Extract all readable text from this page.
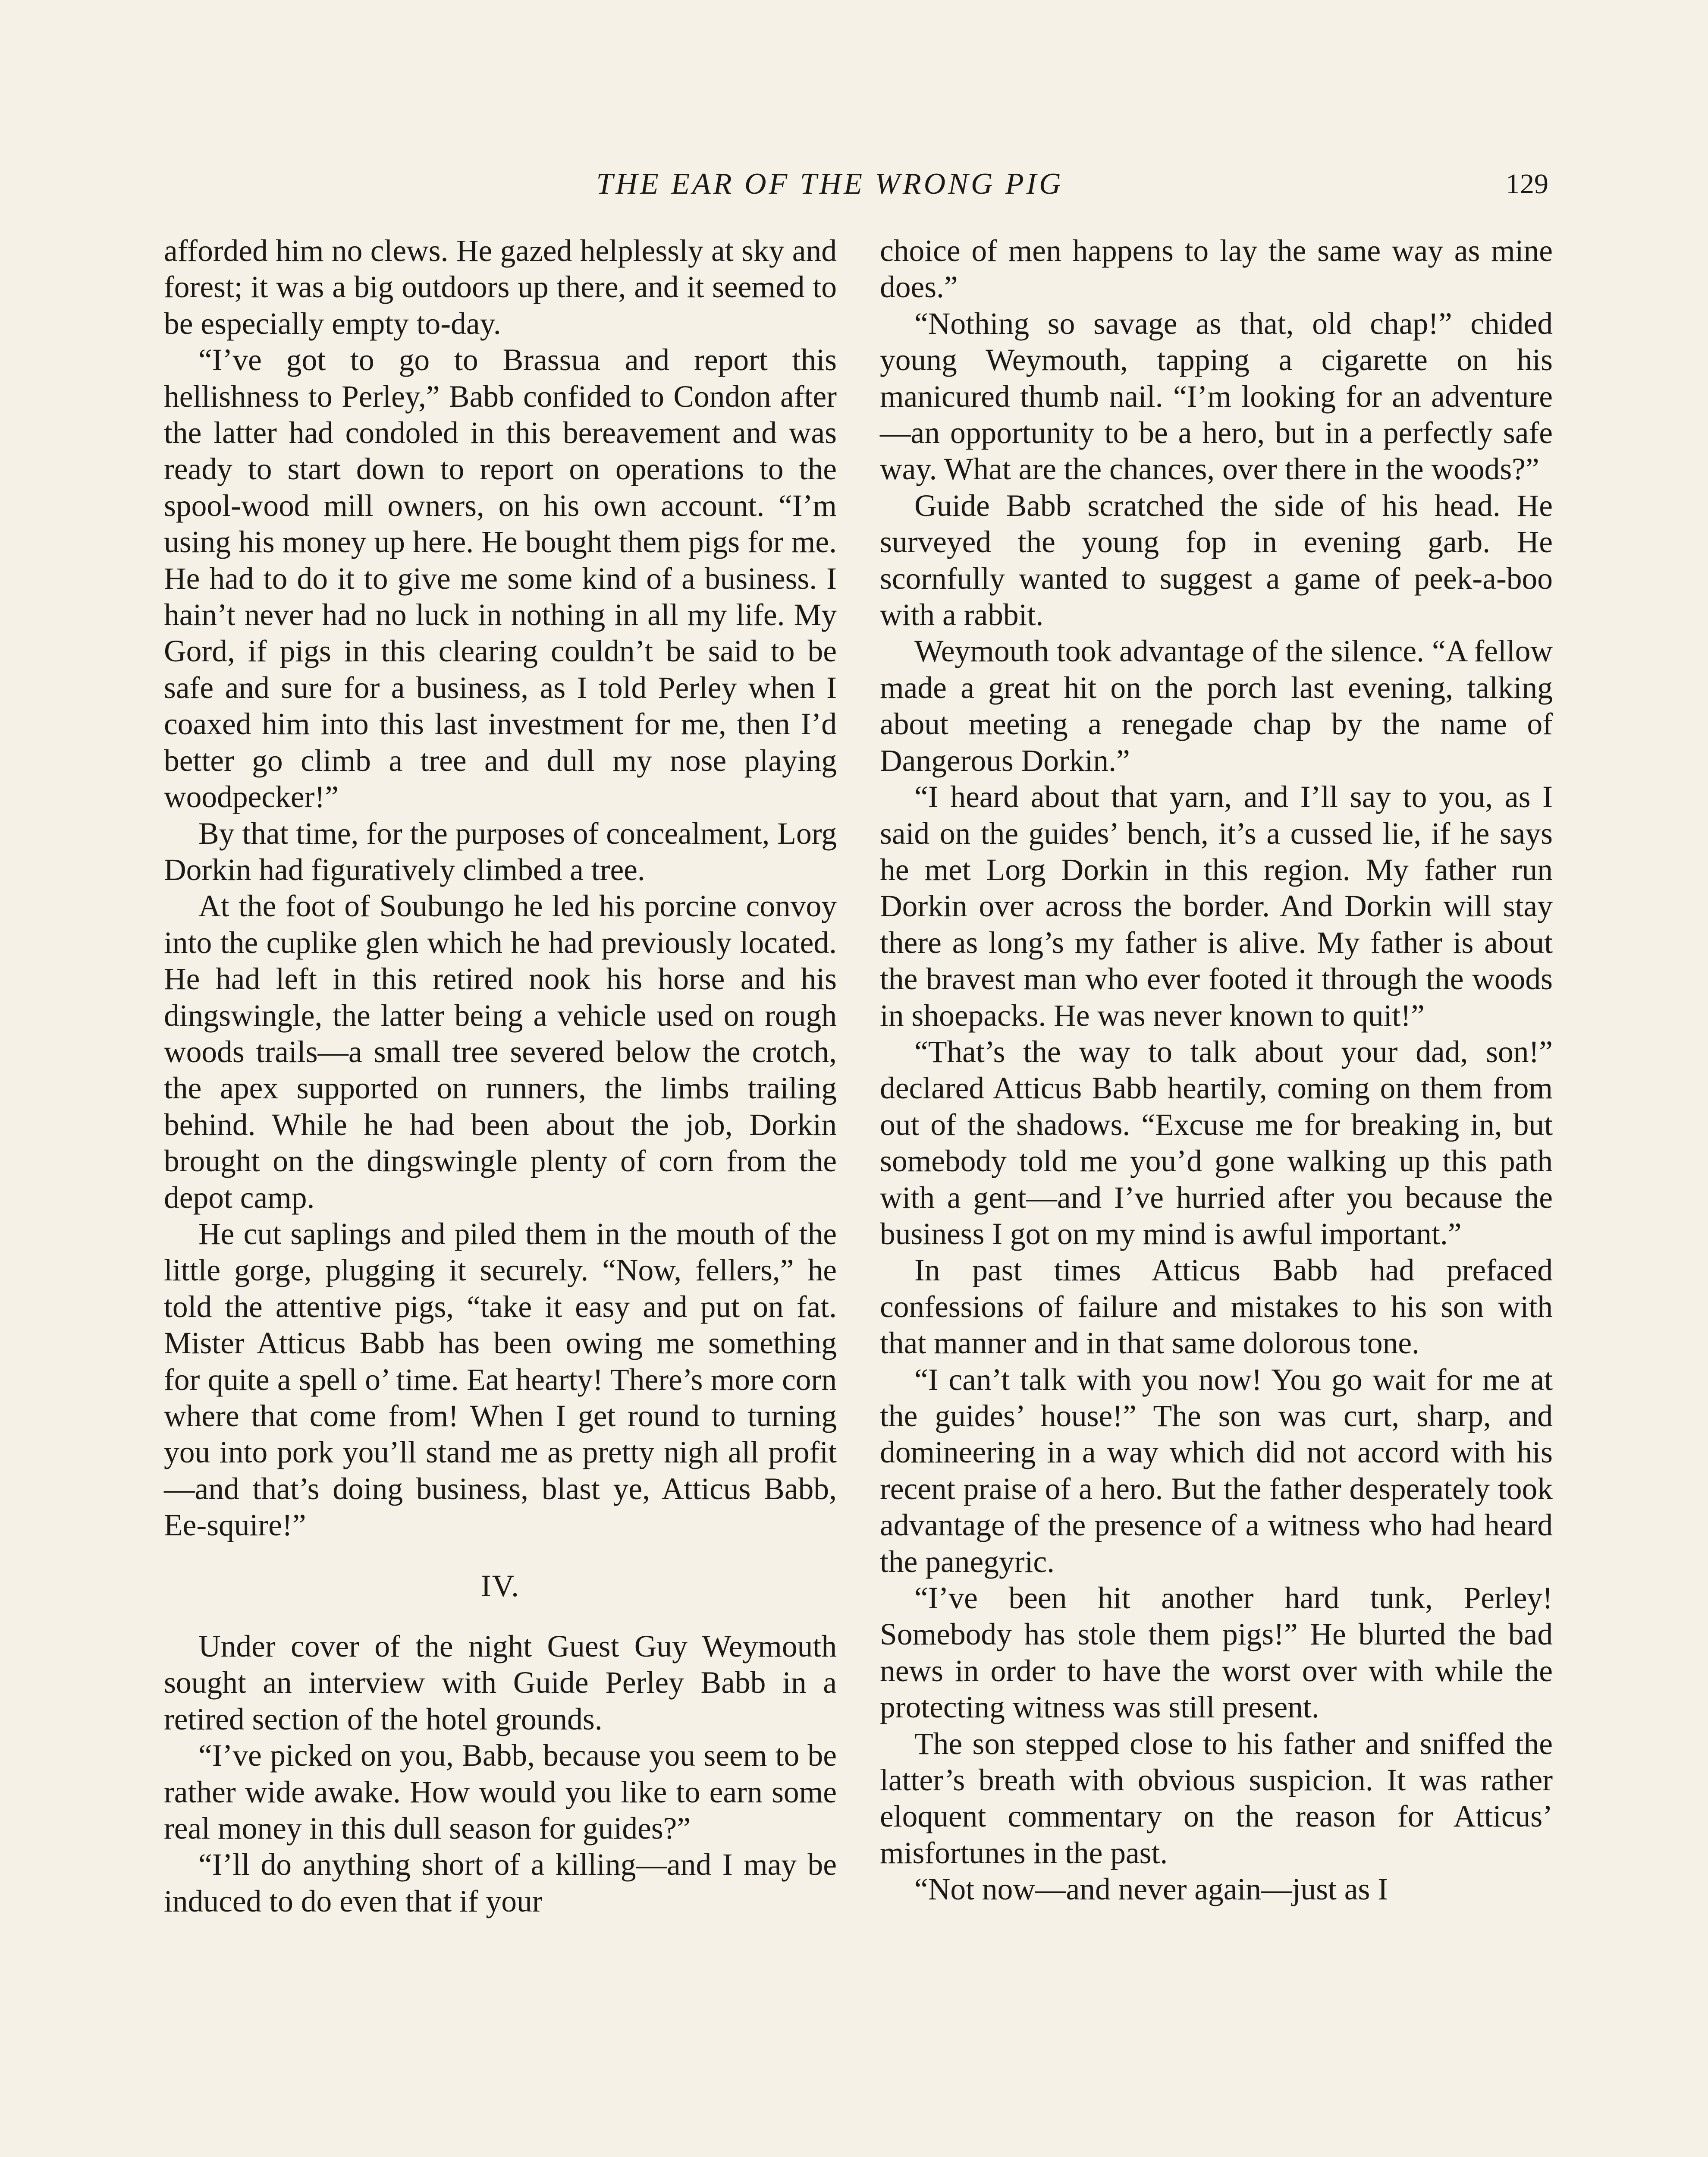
THE EAR OF THE WRONG PIG	129

afforded him no clews. He gazed helplessly at sky and forest; it was a big outdoors up there, and it seemed to be especially empty to-day.

“I’ve got to go to Brassua and report this hellishness to Perley,” Babb confided to Condon after the latter had condoled in this bereavement and was ready to start down to report on operations to the spool-wood mill owners, on his own account. “I’m using his money up here. He bought them pigs for me. He had to do it to give me some kind of a business. I hain’t never had no luck in nothing in all my life. My Gord, if pigs in this clearing couldn’t be said to be safe and sure for a business, as I told Perley when I coaxed him into this last investment for me, then I’d better go climb a tree and dull my nose playing woodpecker!”

By that time, for the purposes of concealment, Lorg Dorkin had figuratively climbed a tree.

At the foot of Soubungo he led his porcine convoy into the cuplike glen which he had previously located. He had left in this retired nook his horse and his dingswingle, the latter being a vehicle used on rough woods trails—a small tree severed below the crotch, the apex supported on runners, the limbs trailing behind. While he had been about the job, Dorkin brought on the dingswingle plenty of corn from the depot camp.

He cut saplings and piled them in the mouth of the little gorge, plugging it securely. “Now, fellers,” he told the attentive pigs, “take it easy and put on fat. Mister Atticus Babb has been owing me something for quite a spell o’ time. Eat hearty! There’s more corn where that come from! When I get round to turning you into pork you’ll stand me as pretty nigh all profit—and that’s doing business, blast ye, Atticus Babb, Ee-squire!”

IV.

Under cover of the night Guest Guy Weymouth sought an interview with Guide Perley Babb in a retired section of the hotel grounds.

“I’ve picked on you, Babb, because you seem to be rather wide awake. How would you like to earn some real money in this dull season for guides?”

“I’ll do anything short of a killing—and I may be induced to do even that if your

choice of men happens to lay the same way as mine does.”

“Nothing so savage as that, old chap!” chided young Weymouth, tapping a cigarette on his manicured thumb nail. “I’m looking for an adventure—an opportunity to be a hero, but in a perfectly safe way. What are the chances, over there in the woods?”

Guide Babb scratched the side of his head. He surveyed the young fop in evening garb. He scornfully wanted to suggest a game of peek-a-boo with a rabbit.

Weymouth took advantage of the silence. “A fellow made a great hit on the porch last evening, talking about meeting a renegade chap by the name of Dangerous Dorkin.”

“I heard about that yarn, and I’ll say to you, as I said on the guides’ bench, it’s a cussed lie, if he says he met Lorg Dorkin in this region. My father run Dorkin over across the border. And Dorkin will stay there as long’s my father is alive. My father is about the bravest man who ever footed it through the woods in shoepacks. He was never known to quit!”

“That’s the way to talk about your dad, son!” declared Atticus Babb heartily, coming on them from out of the shadows. “Excuse me for breaking in, but somebody told me you’d gone walking up this path with a gent—and I’ve hurried after you because the business I got on my mind is awful important.”

In past times Atticus Babb had prefaced confessions of failure and mistakes to his son with that manner and in that same dolorous tone.

“I can’t talk with you now! You go wait for me at the guides’ house!” The son was curt, sharp, and domineering in a way which did not accord with his recent praise of a hero. But the father desperately took advantage of the presence of a witness who had heard the panegyric.

“I’ve been hit another hard tunk, Perley! Somebody has stole them pigs!” He blurted the bad news in order to have the worst over with while the protecting witness was still present.

The son stepped close to his father and sniffed the latter’s breath with obvious suspicion. It was rather eloquent commentary on the reason for Atticus’ misfortunes in the past.

“Not now—and never again—just as I
